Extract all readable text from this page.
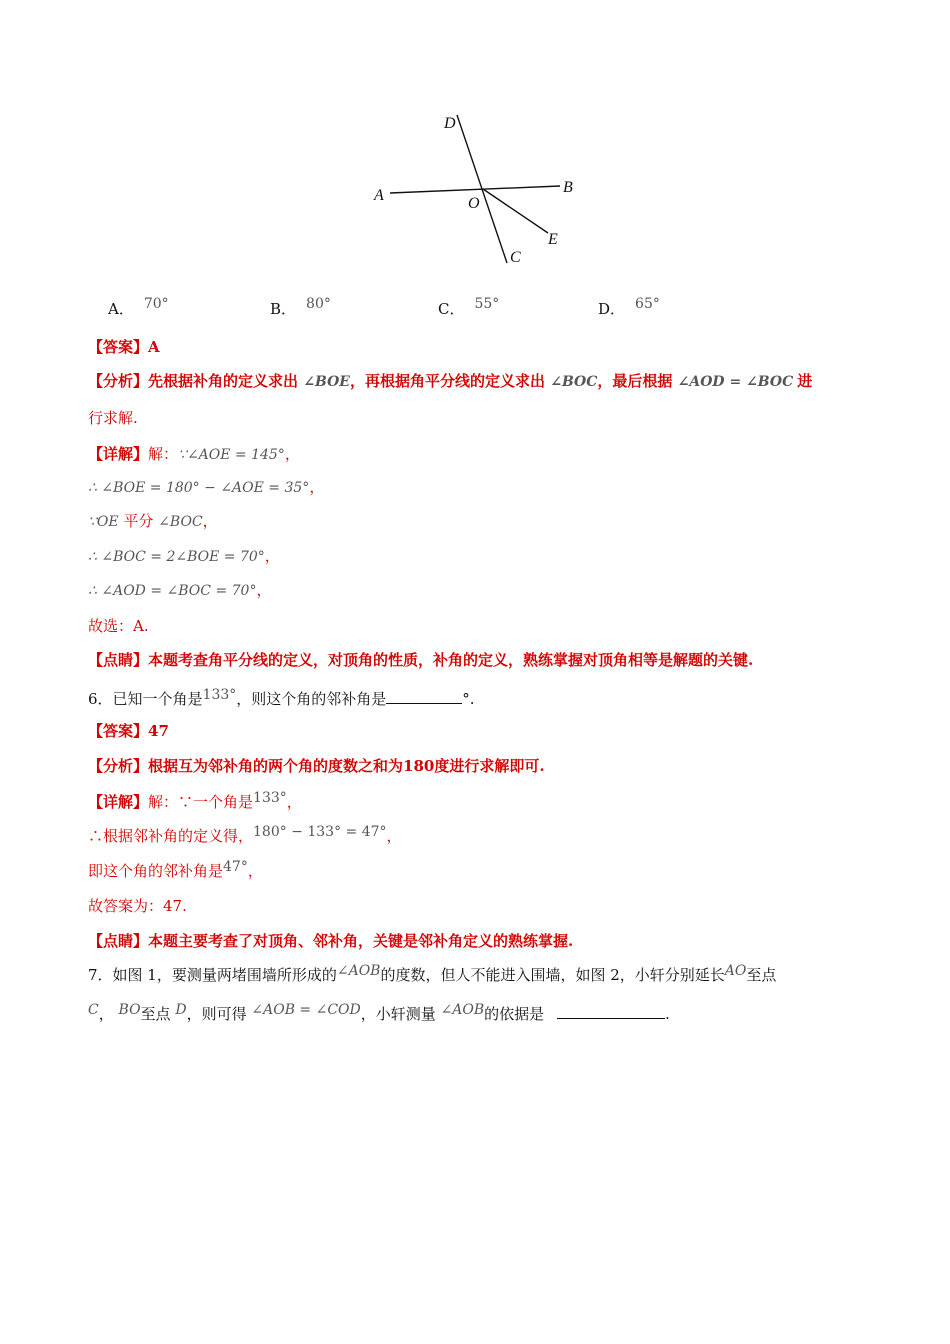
D
A	B
O
E
C
A． 70°	B． 80°	C． 55°	D． 65°
【答案】A
【分析】先根据补角的定义求出 ∠BOE，再根据角平分线的定义求出 ∠BOC，最后根据 ∠AOD = ∠BOC 进
行求解.
【详解】解：∵∠AOE = 145°，
∴ ∠BOE = 180° − ∠AOE = 35°，
∵OE 平分 ∠BOC，
∴ ∠BOC = 2∠BOE = 70°，
∴ ∠AOD = ∠BOC = 70°，
故选：A.
【点睛】本题考查角平分线的定义，对顶角的性质，补角的定义，熟练掌握对顶角相等是解题的关键.
6．已知一个角是133°，则这个角的邻补角是	°.
【答案】47
【分析】根据互为邻补角的两个角的度数之和为180度进行求解即可.
【详解】解：∵一个角是133°，
∴根据邻补角的定义得，180° − 133° = 47°，
即这个角的邻补角是47°，
故答案为：47.
【点睛】本题主要考查了对顶角、邻补角，关键是邻补角定义的熟练掌握.
7．如图 1，要测量两堵围墙所形成的∠AOB的度数，但人不能进入围墙，如图 2，小轩分别延长AO至点
C， BO至点 D，则可得 ∠AOB = ∠COD，小轩测量 ∠AOB的依据是	.
